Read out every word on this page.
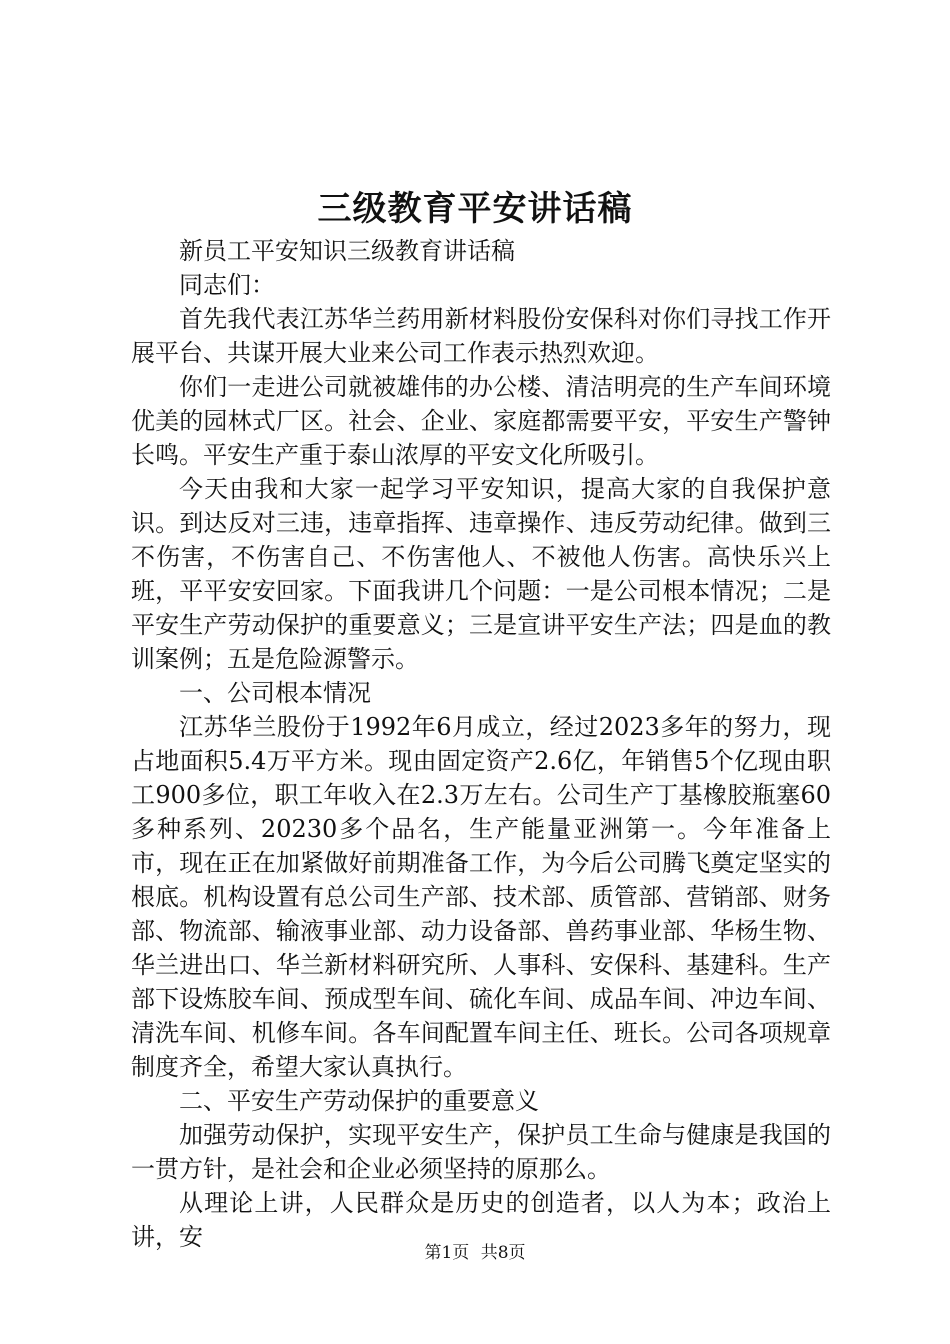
三级教育平安讲话稿

新员工平安知识三级教育讲话稿

同志们：

首先我代表江苏华兰药用新材料股份安保科对你们寻找工作开展平台、共谋开展大业来公司工作表示热烈欢迎。

你们一走进公司就被雄伟的办公楼、清洁明亮的生产车间环境优美的园林式厂区。社会、企业、家庭都需要平安，平安生产警钟长鸣。平安生产重于泰山浓厚的平安文化所吸引。

今天由我和大家一起学习平安知识，提高大家的自我保护意识。到达反对三违，违章指挥、违章操作、违反劳动纪律。做到三不伤害，不伤害自己、不伤害他人、不被他人伤害。高快乐兴上班，平平安安回家。下面我讲几个问题：一是公司根本情况；二是平安生产劳动保护的重要意义；三是宣讲平安生产法；四是血的教训案例；五是危险源警示。

一、公司根本情况

江苏华兰股份于1992年6月成立，经过2023多年的努力，现占地面积5.4万平方米。现由固定资产2.6亿，年销售5个亿现由职工900多位，职工年收入在2.3万左右。公司生产丁基橡胶瓶塞60多种系列、20230多个品名，生产能量亚洲第一。今年准备上市，现在正在加紧做好前期准备工作，为今后公司腾飞奠定坚实的根底。机构设置有总公司生产部、技术部、质管部、营销部、财务部、物流部、输液事业部、动力设备部、兽药事业部、华杨生物、华兰进出口、华兰新材料研究所、人事科、安保科、基建科。生产部下设炼胶车间、预成型车间、硫化车间、成品车间、冲边车间、清洗车间、机修车间。各车间配置车间主任、班长。公司各项规章制度齐全，希望大家认真执行。

二、平安生产劳动保护的重要意义

加强劳动保护，实现平安生产，保护员工生命与健康是我国的一贯方针，是社会和企业必须坚持的原那么。

从理论上讲，人民群众是历史的创造者，以人为本；政治上讲，安

第1页 共8页
